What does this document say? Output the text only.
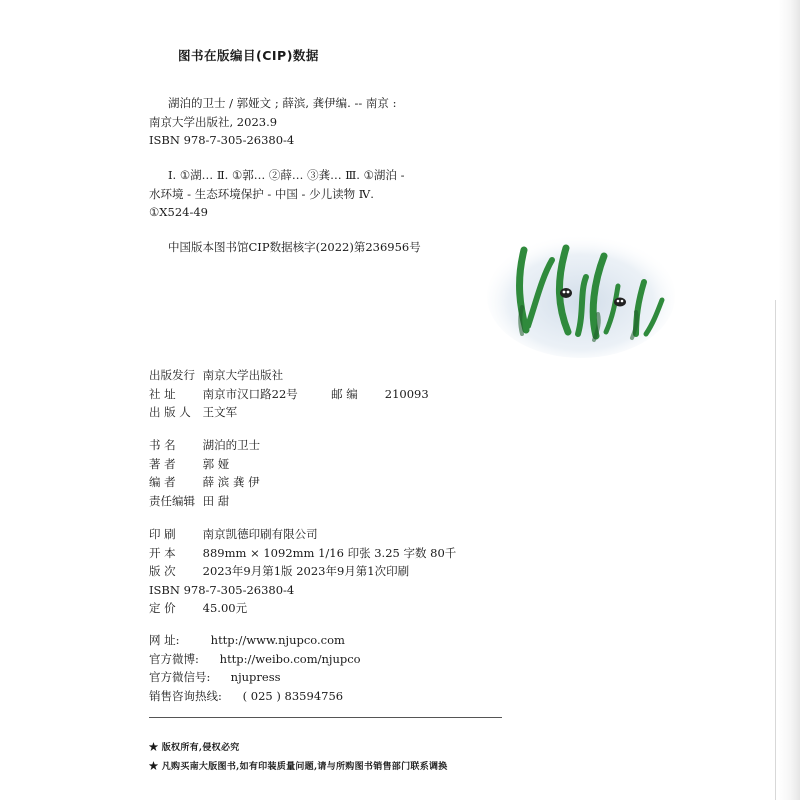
图书在版编目(CIP)数据
湖泊的卫士 / 郭娅文 ; 薛滨, 龚伊编. -- 南京 :
南京大学出版社, 2023.9
ISBN 978-7-305-26380-4
Ⅰ. ①湖… Ⅱ. ①郭… ②薛… ③龚… Ⅲ. ①湖泊 -
水环境 - 生态环境保护 - 中国 - 少儿读物 Ⅳ.
①X524-49
中国版本图书馆CIP数据核字(2022)第236956号
出版发行 南京大学出版社
社 址 南京市汉口路22号	邮 编 210093
出 版 人 王文军
书 名 湖泊的卫士
著 者 郭 娅
编 者 薛 滨 龚 伊
责任编辑 田 甜
印 刷 南京凯德印刷有限公司
开 本 889mm × 1092mm 1/16 印张 3.25 字数 80千
版 次 2023年9月第1版 2023年9月第1次印刷
ISBN 978-7-305-26380-4
定 价 45.00元
网 址:	http://www.njupco.com
官方微博: http://weibo.com/njupco
官方微信号: njupress
销售咨询热线: ( 025 ) 83594756
★ 版权所有,侵权必究
★ 凡购买南大版图书,如有印装质量问题,请与所购图书销售部门联系调换
